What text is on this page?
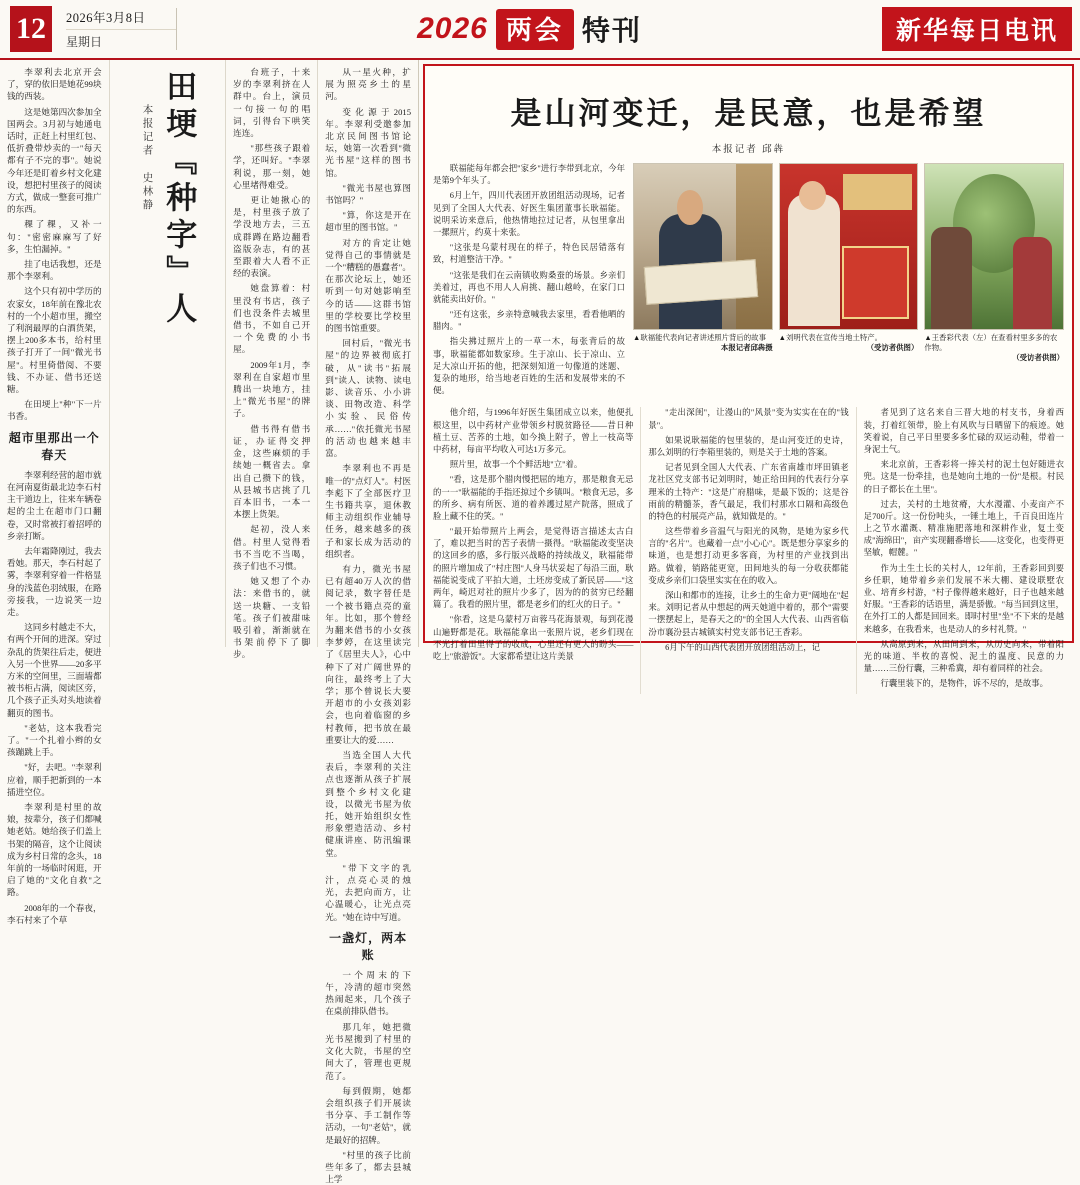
12	2026年3月8日
星期日	2026 两会 特刊	新华每日电讯

李翠利去北京开会了，穿的依旧是她花99块钱的西装。

这是她第四次参加全国两会。3月初与她通电话时，正赶上村里红包、低折叠带炒卖的一"每天都有子不完的事"。她说今年还是盯着乡村文化建设，想把村里孩子的阅读方式，做成一整套可推广的东西。

稞了稞，又补一句："密密麻麻写了好多，生怕漏掉。"

挂了电话我想，还是那个李翠利。

这个只有初中学历的农家女，18年前在豫北农村的一个小超市里，搬空了利润最厚的白酒货架，摆上200多本书，给村里孩子打开了一间"微光书屋"。村里倚借阅、不要钱、不办证、借书还送糖。

在田埂上"种"下一片书香。

超市里那出一个春天

李翠利经营的超市就在河南夏街最北边李石村主干道边上，往来车辆卷起的尘土在超市门口翻卷，又时常被打着招呼的乡亲打断。

去年霜降刚过，我去看她。那天，李石村起了雾，李翠利穿着一件格显身的浅蓝色羽绒服，在路旁接我，一边说笑一边走。

这同乡村越走不大，有两个开间的进深。穿过杂乱的货架往后走，便进入另一个世界——20多平方米的空间里，三面墙都被书柜占满，阅读区旁，几个孩子正头对头地读着翻页的图书。

"老姑，这本我看完了。"一个扎着小辫的女孩蹦跳上手。

"好，去吧。"李翠利应着，顺手把新到的一本插进空位。

李翠利是村里的故娘，按辈分，孩子们都喊她老姑。她给孩子们盖上书架的隔音，这个让阅读成为乡村日常的念头，18年前的一场临时闲逛，开启了她的"文化自救"之路。

2008年的一个春夜，李石村来了个草

田埂『种字』人
本报记者 史林静

台班子，十来岁的李翠利挤在人群中。台上，演员一句接一句的唱词，引得台下哄笑连连。

"那些孩子跟着学，还叫好。"李翠利说，那一刻，她心里堵得难受。

更让她揪心的是，村里孩子放了学没地方去，三五成群蹲在路边翻看盗版杂志，有的甚至跟着大人看不正经的表演。

她盘算着：村里没有书店，孩子们也没条件去城里借书，不如自己开一个免费的小书屋。

2009年1月，李翠利在自家超市里腾出一块地方，挂上"微光书屋"的牌子。

借书得有借书证，办证得交押金，这些麻烦的手续她一概省去。拿出自己攒下的钱，从县城书店挑了几百本旧书，一本一本摆上货架。

起初，没人来借。村里人觉得看书不当吃不当喝，孩子们也不习惯。

她又想了个办法：来借书的，就送一块糖、一支铅笔。孩子们被甜味吸引着，渐渐就在书架前停下了脚步。

从一星火种，扩展为照亮乡土的星河。

变化源于2015年。李翠利受邀参加北京民间图书馆论坛，她第一次看到"微光书屋"这样的图书馆。

"微光书屋也算图书馆吗？"

"算，你这是开在超市里的图书馆。"

对方的肯定让她觉得自己的事情就是一个"糟糕的愚蠢者"。在那次论坛上，她还听到一句对她影响至今的话——这群书馆里的学校要比学校里的图书馆重要。

回村后，"微光书屋"的边界被彻底打破，从"读书"拓展到"读人、读物、读电影、读音乐、小小讲谈、田物改造、科学小实验、民俗传承……"依托微光书屋的活动也越来越丰富。

李翠利也不再是唯一的"点灯人"。村医李彪下了全部医疗卫生书籍共享，退休教师主动组织作业辅导任务，越来越多的孩子和家长成为活动的组织者。

有力，微光书屋已有超40万人次的借阅记录，数字替任是一个被书籍点亮的童年。比如，那个曾经为翻来借书的小女孩李梦婷，在这里读完了《居里夫人》，心中种下了对广阔世界的向往，最终考上了大学；那个曾说长大要开超市的小女孩刘彩会，也向着临窗的乡村教师，把书放在最重要让大的爱……

当选全国人大代表后，李翠利的关注点也逐渐从孩子扩展到整个乡村文化建设，以微光书屋为依托，她开始组织女性形象塑造活动、乡村健康讲座、防汛编课堂。

"带下文字的乳汁，点亮心灵的烛光，去把向而方，让心温暖心，让光点亮光。"她在诗中写道。

一盏灯，两本账

一个周末的下午，冷清的超市突然热闹起来，几个孩子在桌前排队借书。

那几年，她把微光书屋搬到了村里的文化大院，书屋的空间大了，管理也更规范了。

每到假期，她都会组织孩子们开展读书分享、手工制作等活动，一句"老姑"，就是最好的招牌。

"村里的孩子比前些年多了，都去县城上学

是山河变迁，是民意，也是希望
本报记者 邱犇

联福能每年都会把"家乡"进行李带到北京，今年是第9个年头了。

6月上午，四川代表团开放团组活动现场，记者见到了全国人大代表、好医生集团董事长耿福能。说明采访来意后，他热情地拉过记者，从包里拿出一摞照片，约莫十来张。

"这张是乌蒙村现在的样子，特色民居错落有致，村道整洁干净。"

"这张是我们在云南镇收购桑蚕的场景。乡亲们美着过，再也不用人人肩挑、翻山越岭，在家门口就能卖出好价。"

"还有这张，乡亲特意喊我去家里，看看他晒的腊肉。"

指尖拂过照片上的一草一木，每张背后的故事，耿福能都如数家珍。生于凉山、长于凉山、立足大凉山开拓的他，把深刻知道一句像道的迷题、复杂的地形，给当地老百姓的生活和发展带来的不便。

▲耿福能代表向记者讲述照片背后的故事
本报记者邱犇摄
▲刘明代表在宣传当地土特产。
（受访者供图）
▲王香彩代表（左）在查看村里多多的农作物。
（受访者供图）

他介绍，与1996年好医生集团成立以来，他便扎根这里，以中药材产业带领乡村脱贫路径——昔日种植土豆、苦荞的土地，如今换上附子，曾上一枝高等中药材，每亩平均收入可达1万多元。

照片里，故事一个个鲜活地"立"着。

"看，这是那个腊肉慢把屈的地方，那是粮食无忌的一一"耿福能的手指还掠过个乡镇叫。"粮食无忌，多的所乡、病有所医、道的着养護过屋产院落，照成了脸上藏不住的笑。"

"最开始带照片上两会，是觉得语言描述太古白了，难以把当时的苦子表情一摄得。"耿福能改变坚决的这回乡的感，多行版兴战略的持续战义，耿福能带的照片增加成了"村庄图"人身马状妥起了每沿三面，耿福能说变成了平拍大道，土坯房变成了新民居——"这两年，崎迟对社的照片少多了，因为的的贫穷已经翻篇了。我看的照片里，都是老乡们的红火的日子。"

"你看，这是乌蒙村万亩蓉马花海景观，每到花漫山遍野都是花。耿福能拿出一张照片说，老乡们现在不光打着田里得子的收成，心里还有更大的盼头——吃上"旅游饭"。大家都希望让这片美景

"走出深闺"，让漫山的"风景"变为实实在在的"钱景"。

如果说耿福能的包里装的，是山河变迁的史诗，那么刘明的行李箱里装的，则是关于土地的答案。

记者见到全国人大代表、广东省南雄市坪田镇老龙社区党支部书记刘明时，她正给田间的代表行分享理米的土特产："这是广府腊味，是最下饭的；这是谷雨前的精髓茶，香气最足，我们村那水口隔和高级色的特色的村展亮产品，就知做是的。"

这些带着乡音温气与阳光的风物，是她为家乡代言的"名片"。也藏着一点"小心心"。既是想分享家乡的味道，也是想打动更多客商，为村里的产业找到出路。做着，销路能更宽，田间地头的每一分收获都能变成乡亲们口袋里实实在在的收入。

深山和都市的连接，让乡土的生命力更"阔地在"起来。刘明记者从中想起的两天她道中着的，那个"需要一摆摆起上，是春天之的"的全国人大代表、山西省临汾市襄汾县古城镇实村党支部书记王香彩。

6月下午的山西代表团开放团组活动上，记

者见到了这名来自三晋大地的村支书，身着西装，打着红领带，脸上有风吹与日晒留下的痕迹。她笑着说，自己平日里要多多忙碌的双运动鞋，带着一身泥土气。

来北京前，王香彩将一捧关村的泥土包好随进衣兜。这是一份牵挂，也是她向土地的一份"是根。村民的日子都长在土里"。

过去，关村的土地贫瘠，大水漫灌、小麦亩产不足700斤。这一份份吨头，一锤土地上，千百良田连片上之节水灌溉、精准施肥落地和深耕作业，复土变成"海绵田"，亩产实现翻番增长——这变化，也变得更坚敏，帽麓。"

作为土生土长的关村人，12年前，王香彩回到要乡任职，她带着乡亲们发展不米大棚、建设联墅农业、培育乡村游，"村子像得越来越好，日子也越来越好服。"王香彩的话语里，满是骄傲。"每当回到这里，在外打工的人都是回回来。即时村里"坐"不下来的是越来越多，在我看来，也是动人的乡村礼赞。"

从高原到来，从田间到来，从历史向来，带着阳光的味道、半枚的喜悦、泥土的温度、民意的力量……三份行囊，三种希冀，却有着同样的社会。

行囊里装下的，是物件，诉不尽的，是故事。
